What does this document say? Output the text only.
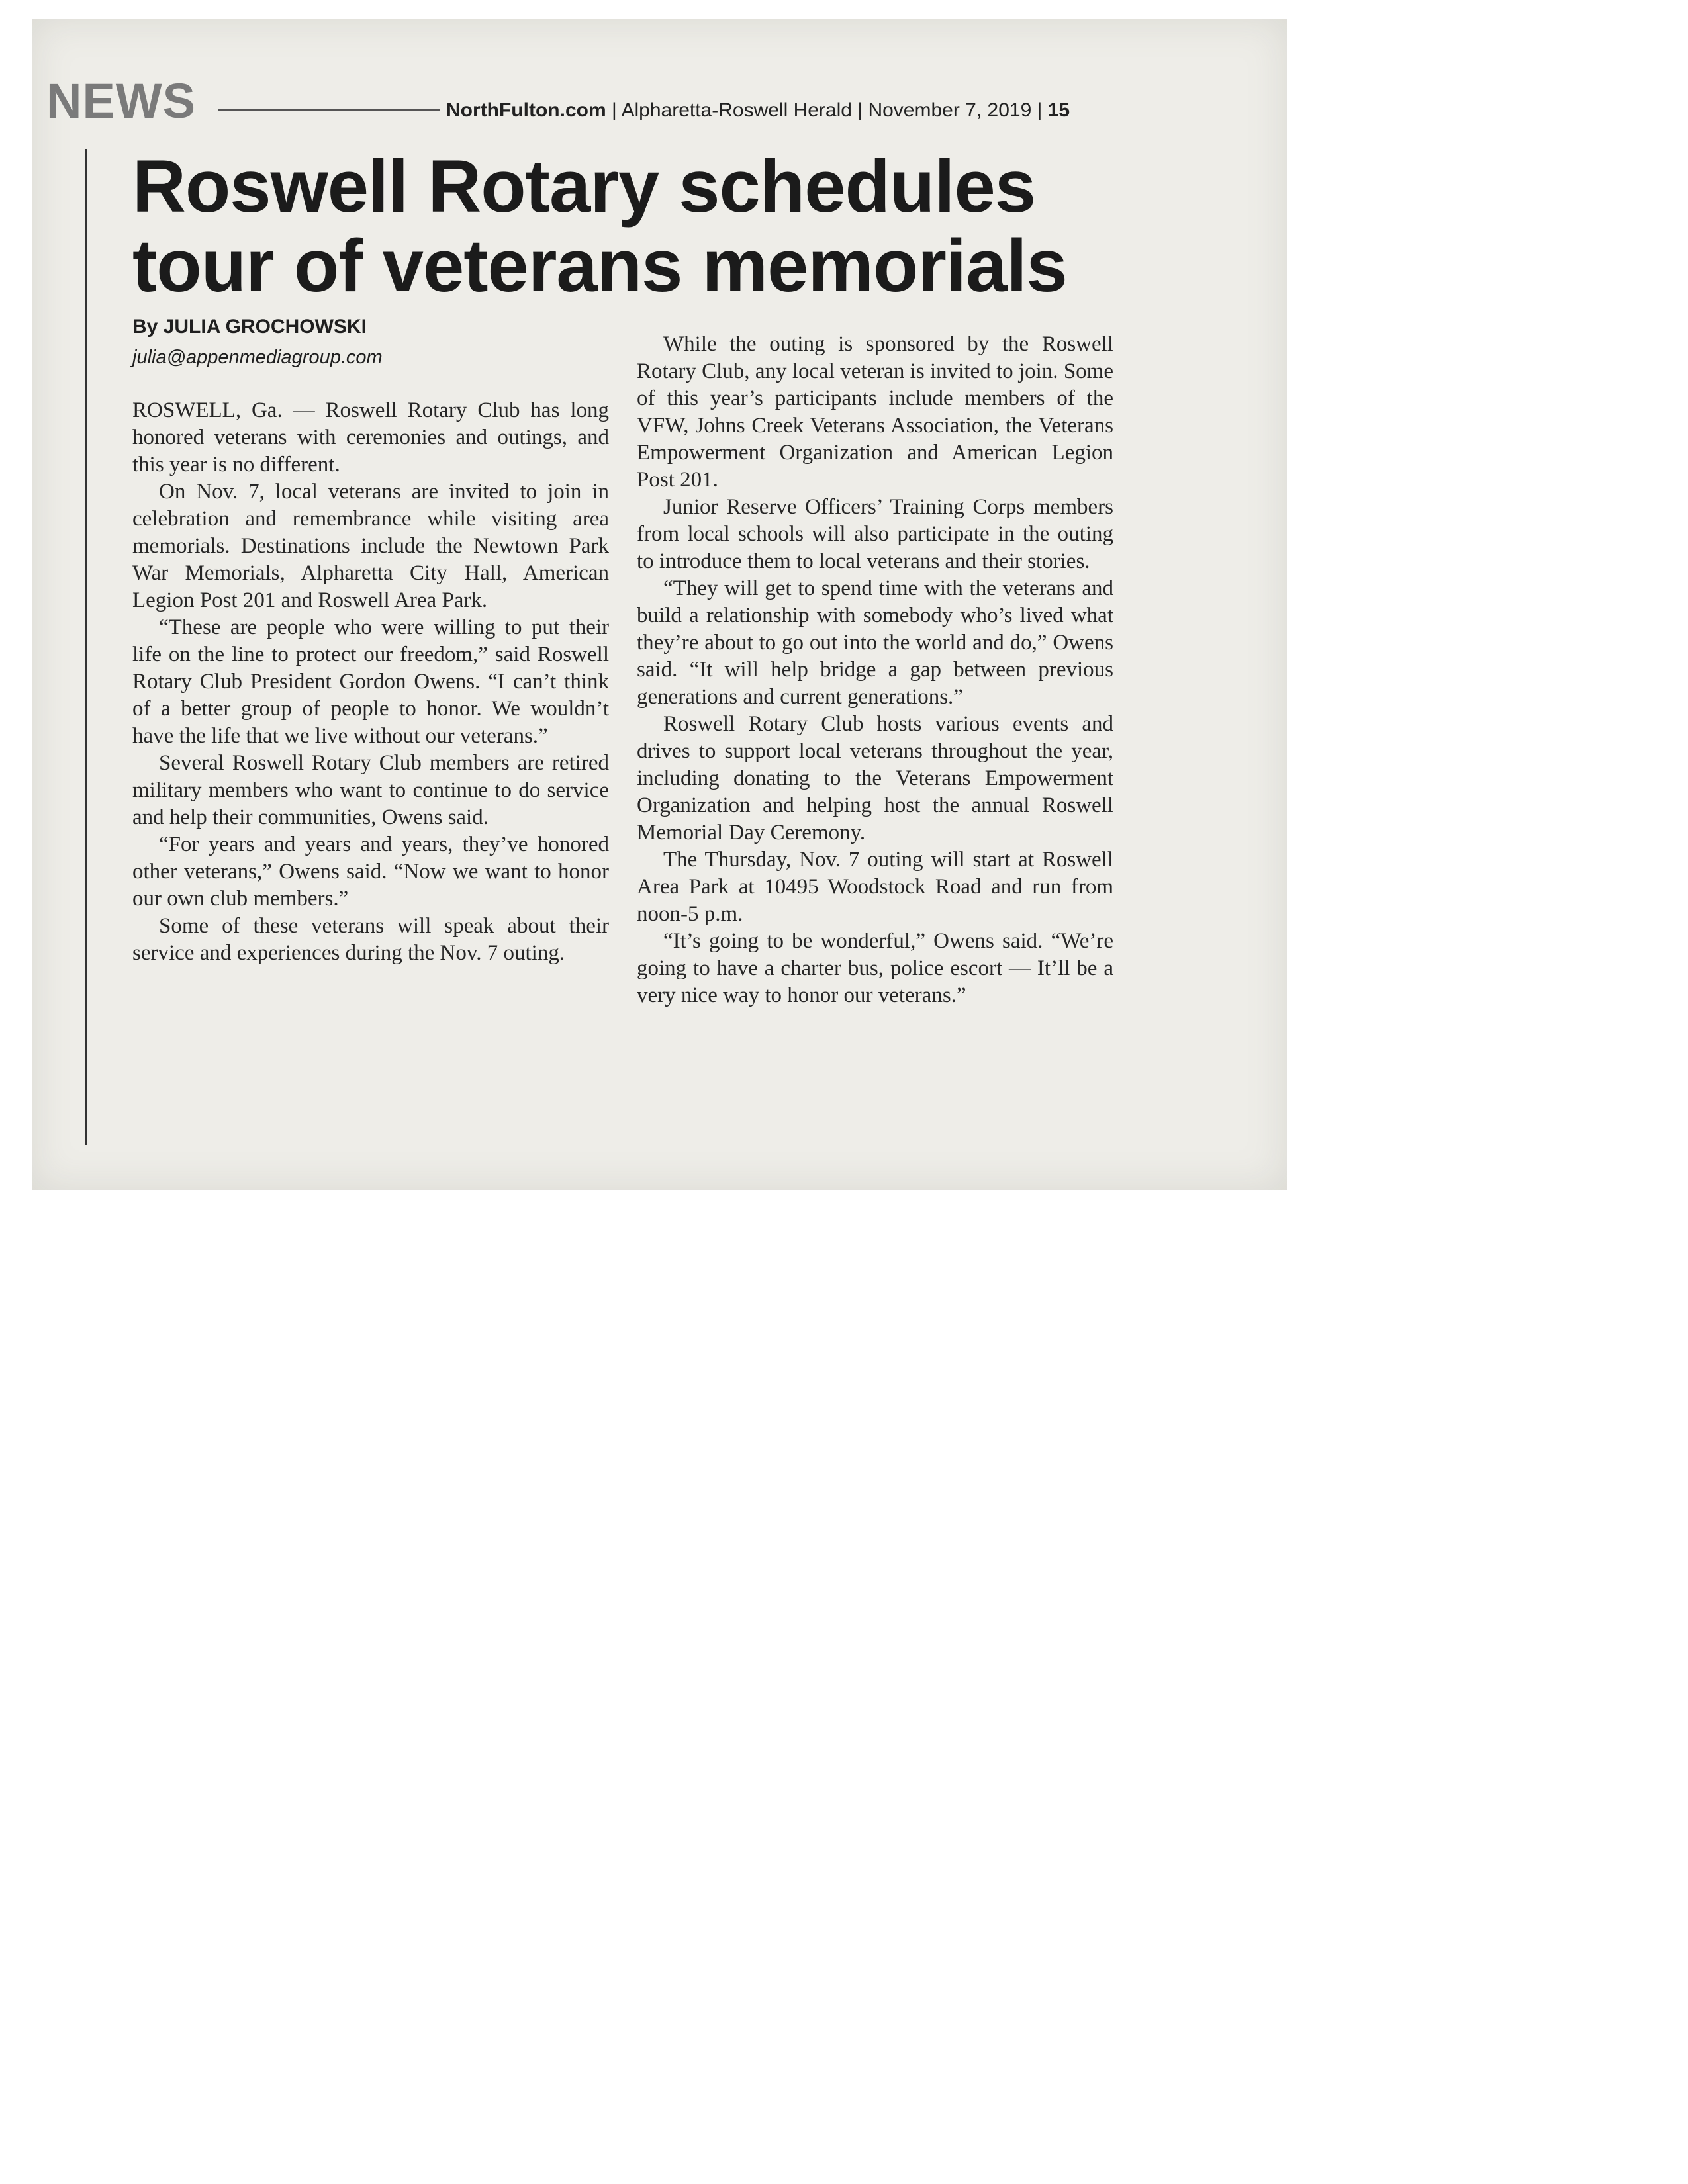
NEWS	NorthFulton.com | Alpharetta-Roswell Herald | November 7, 2019 | 15
Roswell Rotary schedules
tour of veterans memorials
By JULIA GROCHOWSKI
julia@appenmediagroup.com

ROSWELL, Ga. — Roswell Rotary Club has long honored veterans with ceremonies and outings, and this year is no different.

On Nov. 7, local veterans are invited to join in celebration and remembrance while visiting area memorials. Destinations include the Newtown Park War Memorials, Alpharetta City Hall, American Legion Post 201 and Roswell Area Park.

“These are people who were willing to put their life on the line to protect our freedom,” said Roswell Rotary Club President Gordon Owens. “I can’t think of a better group of people to honor. We wouldn’t have the life that we live without our veterans.”

Several Roswell Rotary Club members are retired military members who want to continue to do service and help their communities, Owens said.

“For years and years and years, they’ve honored other veterans,” Owens said. “Now we want to honor our own club members.”

Some of these veterans will speak about their service and experiences during the Nov. 7 outing.

While the outing is sponsored by the Roswell Rotary Club, any local veteran is invited to join. Some of this year’s participants include members of the VFW, Johns Creek Veterans Association, the Veterans Empowerment Organization and American Legion Post 201.

Junior Reserve Officers’ Training Corps members from local schools will also participate in the outing to introduce them to local veterans and their stories.

“They will get to spend time with the veterans and build a relationship with somebody who’s lived what they’re about to go out into the world and do,” Owens said. “It will help bridge a gap between previous generations and current generations.”

Roswell Rotary Club hosts various events and drives to support local veterans throughout the year, including donating to the Veterans Empowerment Organization and helping host the annual Roswell Memorial Day Ceremony.

The Thursday, Nov. 7 outing will start at Roswell Area Park at 10495 Woodstock Road and run from noon-5 p.m.

“It’s going to be wonderful,” Owens said. “We’re going to have a charter bus, police escort — It’ll be a very nice way to honor our veterans.”
